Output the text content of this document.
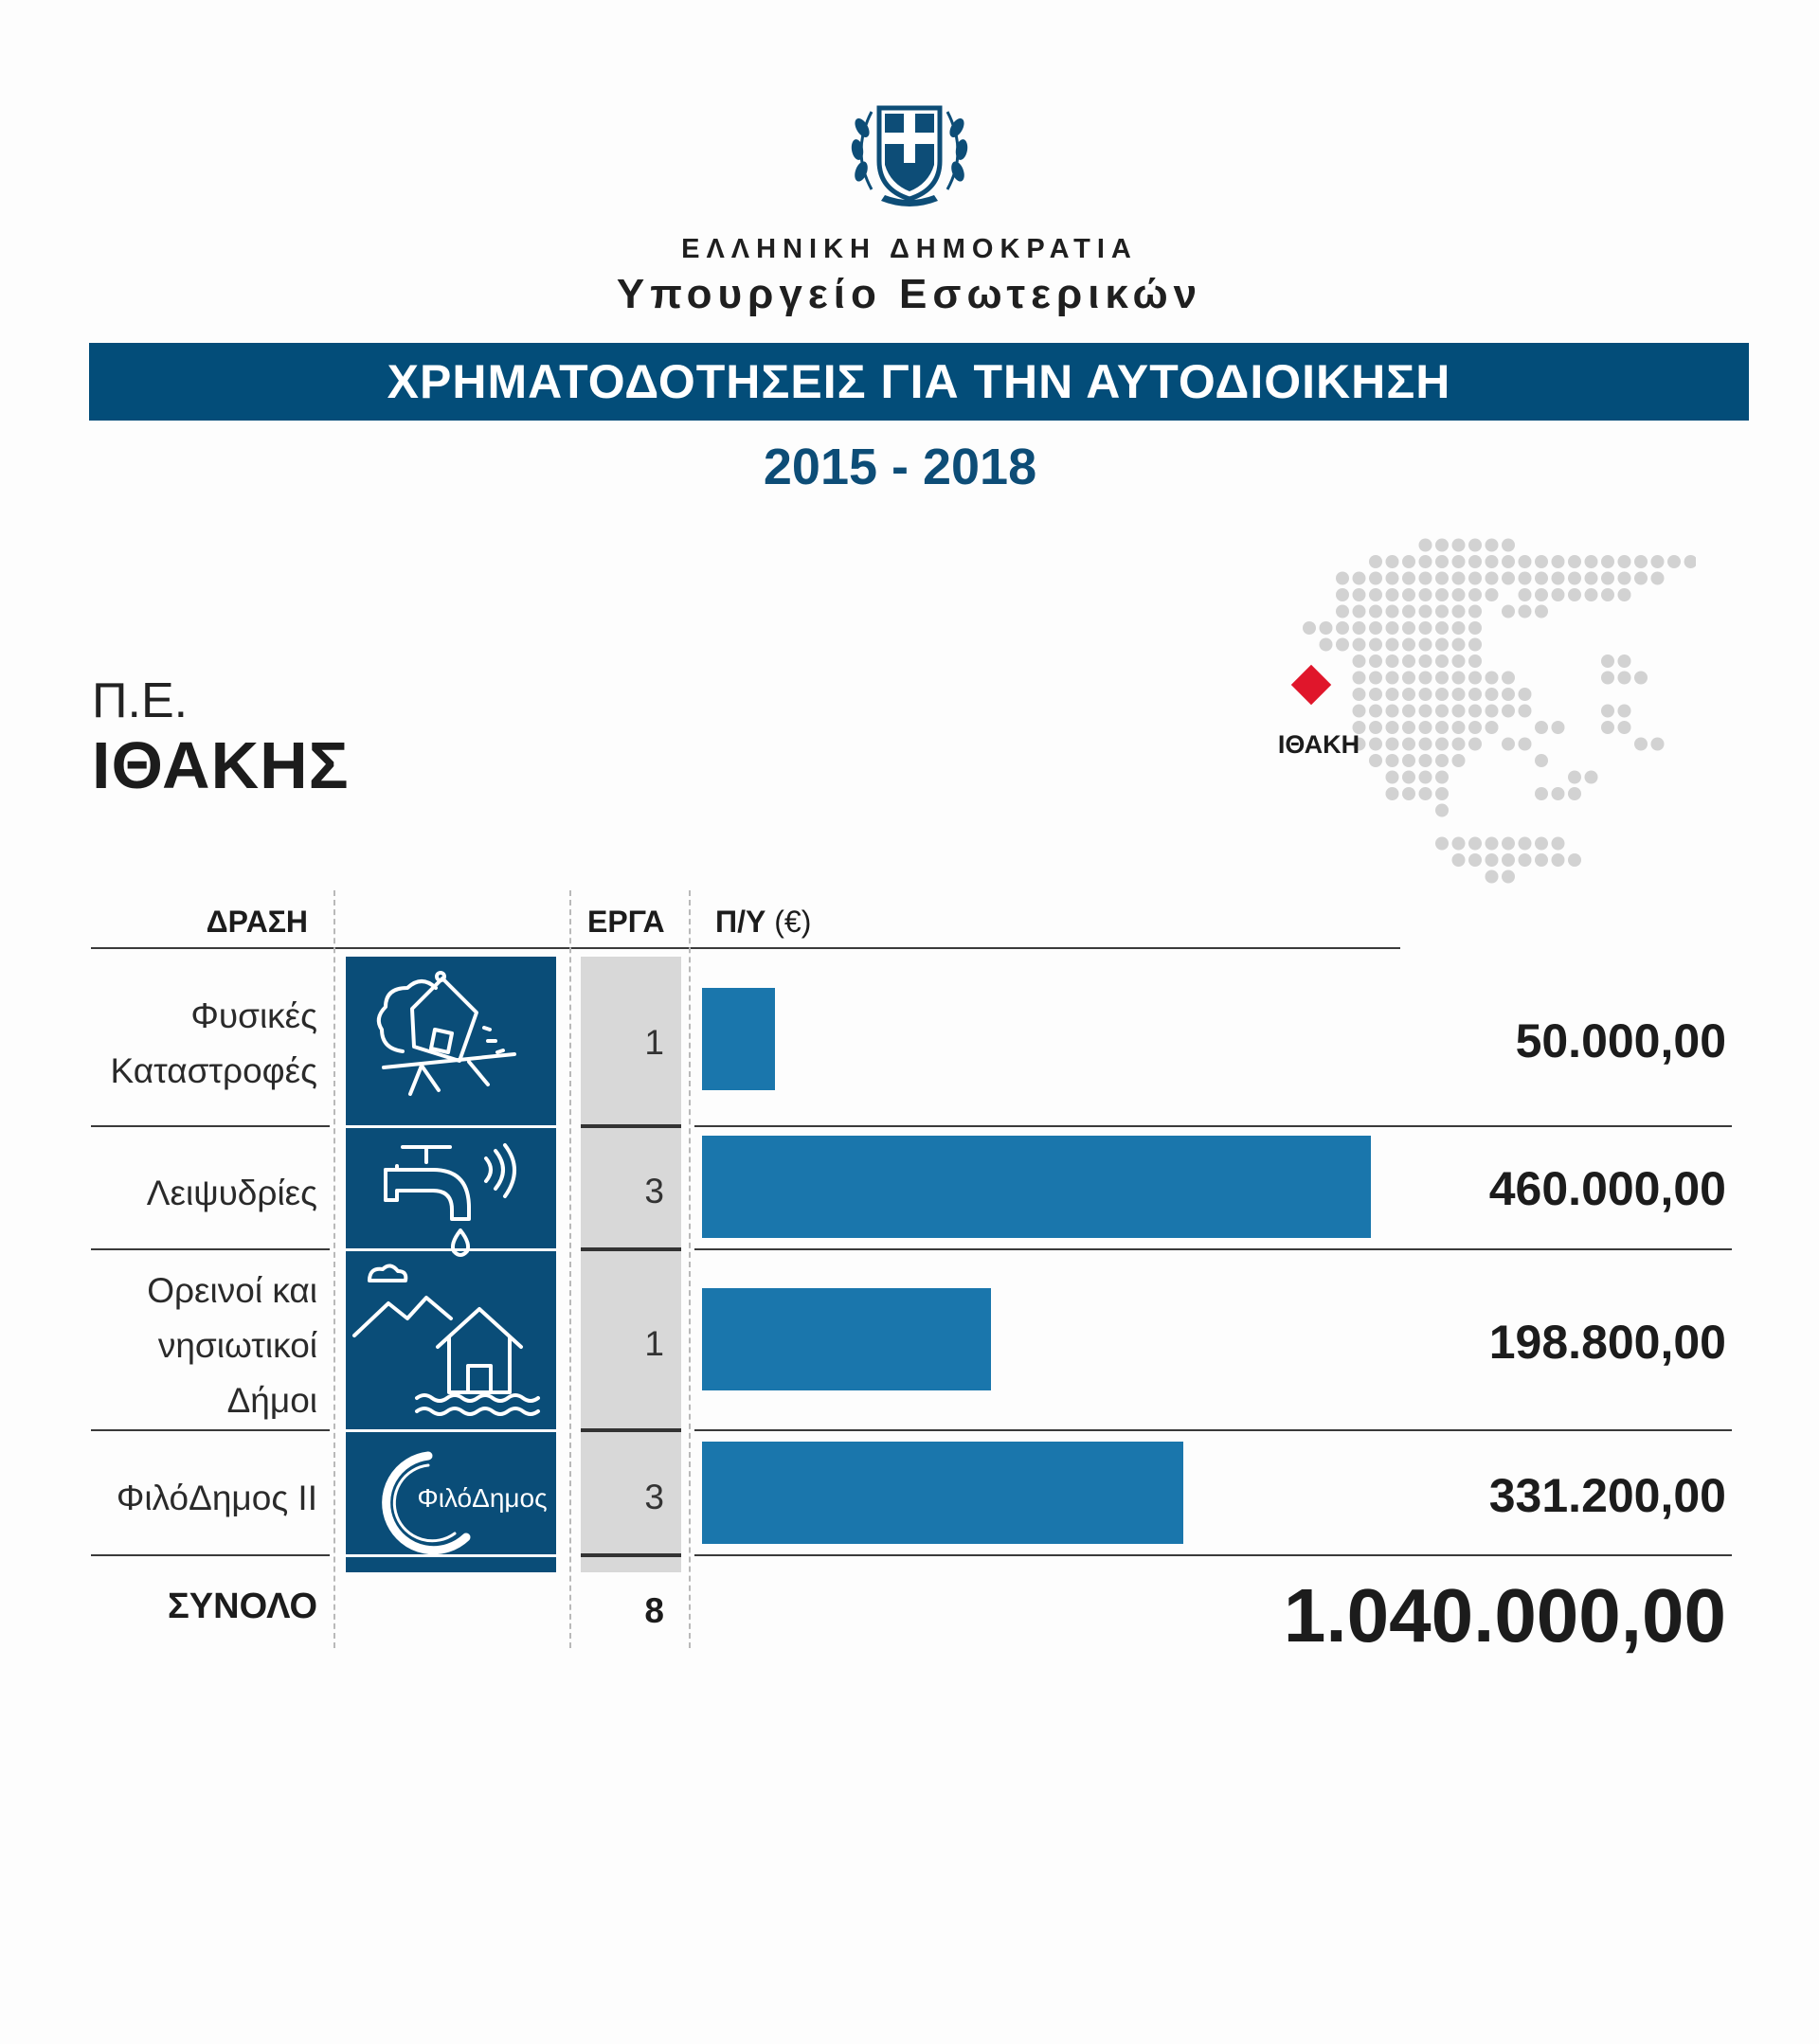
ΕΛΛΗΝΙΚΗ ΔΗΜΟΚΡΑΤΙΑ
Υπουργείο Εσωτερικών
ΧΡΗΜΑΤΟΔΟΤΗΣΕΙΣ ΓΙΑ ΤΗΝ ΑΥΤΟΔΙΟΙΚΗΣΗ
2015 - 2018
Π.Ε.
ΙΘΑΚΗΣ	ΙΘΑΚΗ
ΔΡΑΣΗ	ΕΡΓΑ Π/Υ (€)
Φυσικές
Καταστροφές
1	50.000,00
Λειψυδρίες	3	460.000,00
Ορεινοί και
νησιωτικοί
Δήμοι
1	198.800,00
ΦιλόΔημος ΙΙ	ΦιλόΔημος	3	331.200,00
ΣΥΝΟΛΟ	8	1.040.000,00
